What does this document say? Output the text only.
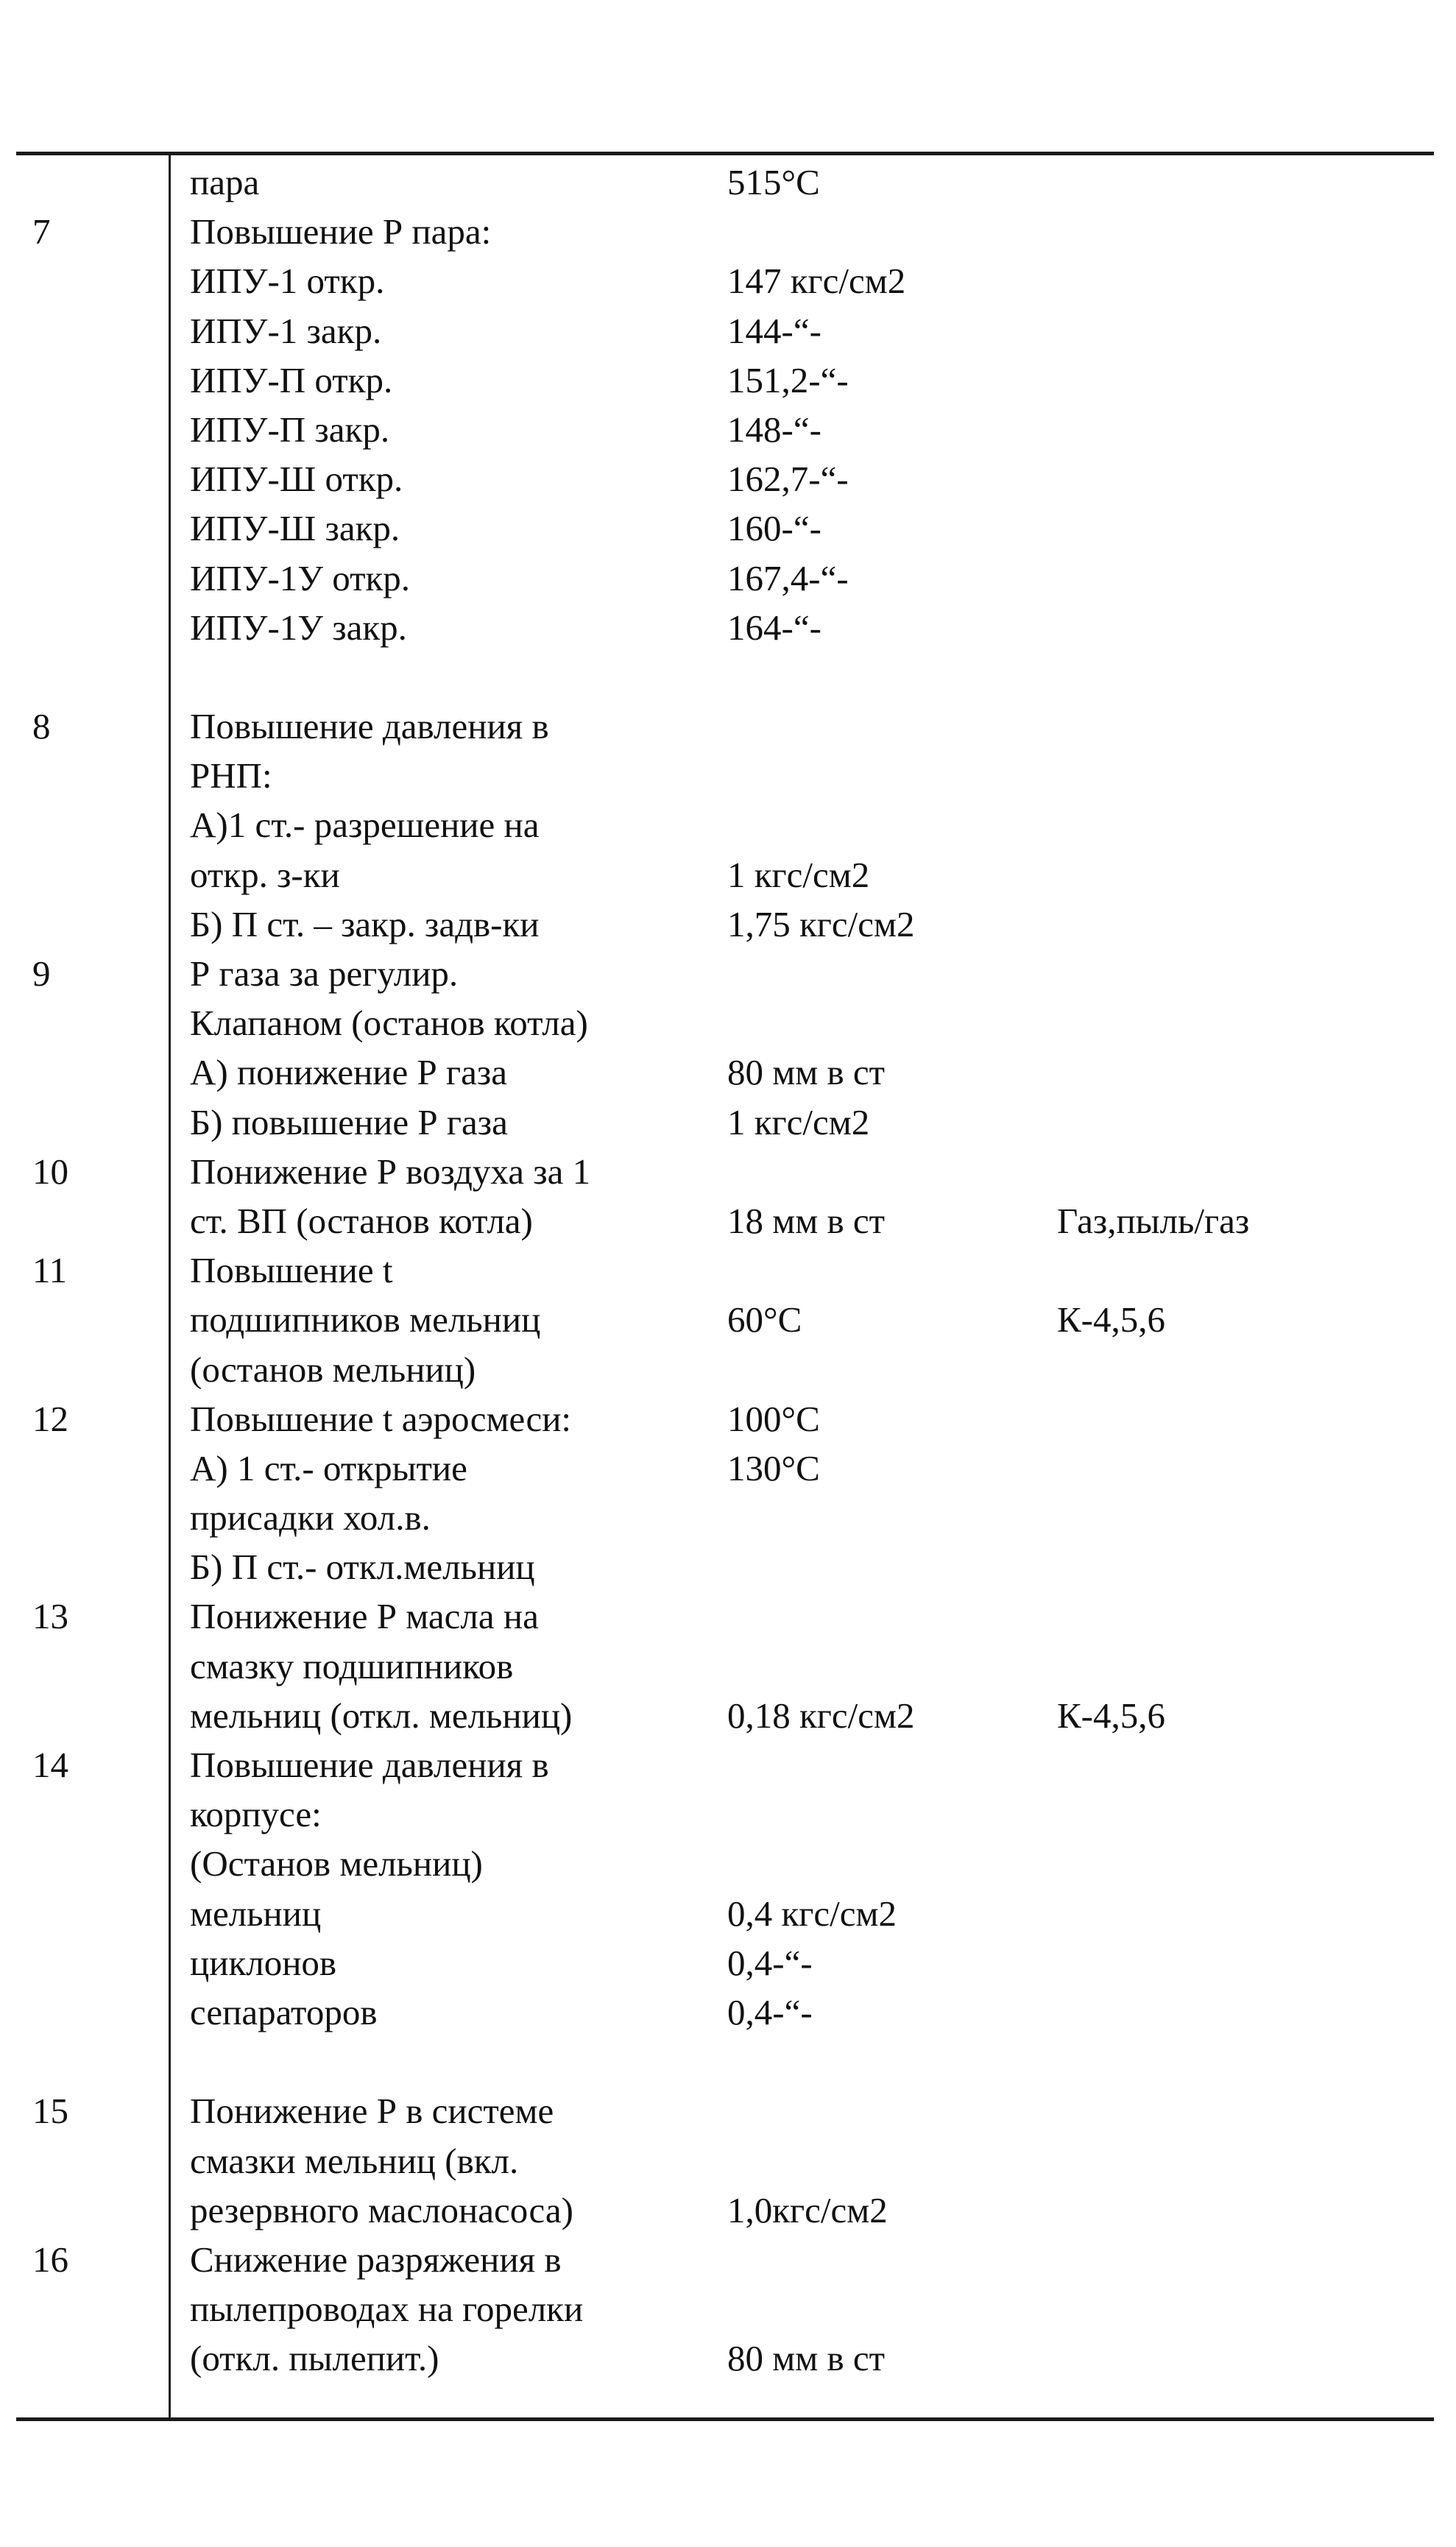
пара	515°С
7	Повышение Р пара:
ИПУ-1 откр.	147 кгс/см2
ИПУ-1 закр.	144-“-
ИПУ-П откр.	151,2-“-
ИПУ-П закр.	148-“-
ИПУ-Ш откр.	162,7-“-
ИПУ-Ш закр.	160-“-
ИПУ-1У откр.	167,4-“-
ИПУ-1У закр.	164-“-
8	Повышение давления в
РНП:
А)1 ст.- разрешение на
откр. з-ки	1 кгс/см2
Б) П ст. – закр. задв-ки	1,75 кгс/см2
9	Р газа за регулир.
Клапаном (останов котла)
А) понижение Р газа	80 мм в ст
Б) повышение Р газа	1 кгс/см2
10	Понижение Р воздуха за 1
ст. ВП (останов котла)	18 мм в ст	Газ,пыль/газ
11	Повышение t
подшипников мельниц	60°С	К-4,5,6
(останов мельниц)
12	Повышение t аэросмеси:	100°С
А) 1 ст.- открытие	130°С
присадки хол.в.
Б) П ст.- откл.мельниц
13	Понижение Р масла на
смазку подшипников
мельниц (откл. мельниц)	0,18 кгс/см2	К-4,5,6
14	Повышение давления в
корпусе:
(Останов мельниц)
мельниц	0,4 кгс/см2
циклонов	0,4-“-
сепараторов	0,4-“-
15	Понижение Р в системе
смазки мельниц (вкл.
резервного маслонасоса)	1,0кгс/см2
16	Снижение разряжения в
пылепроводах на горелки
(откл. пылепит.)	80 мм в ст
